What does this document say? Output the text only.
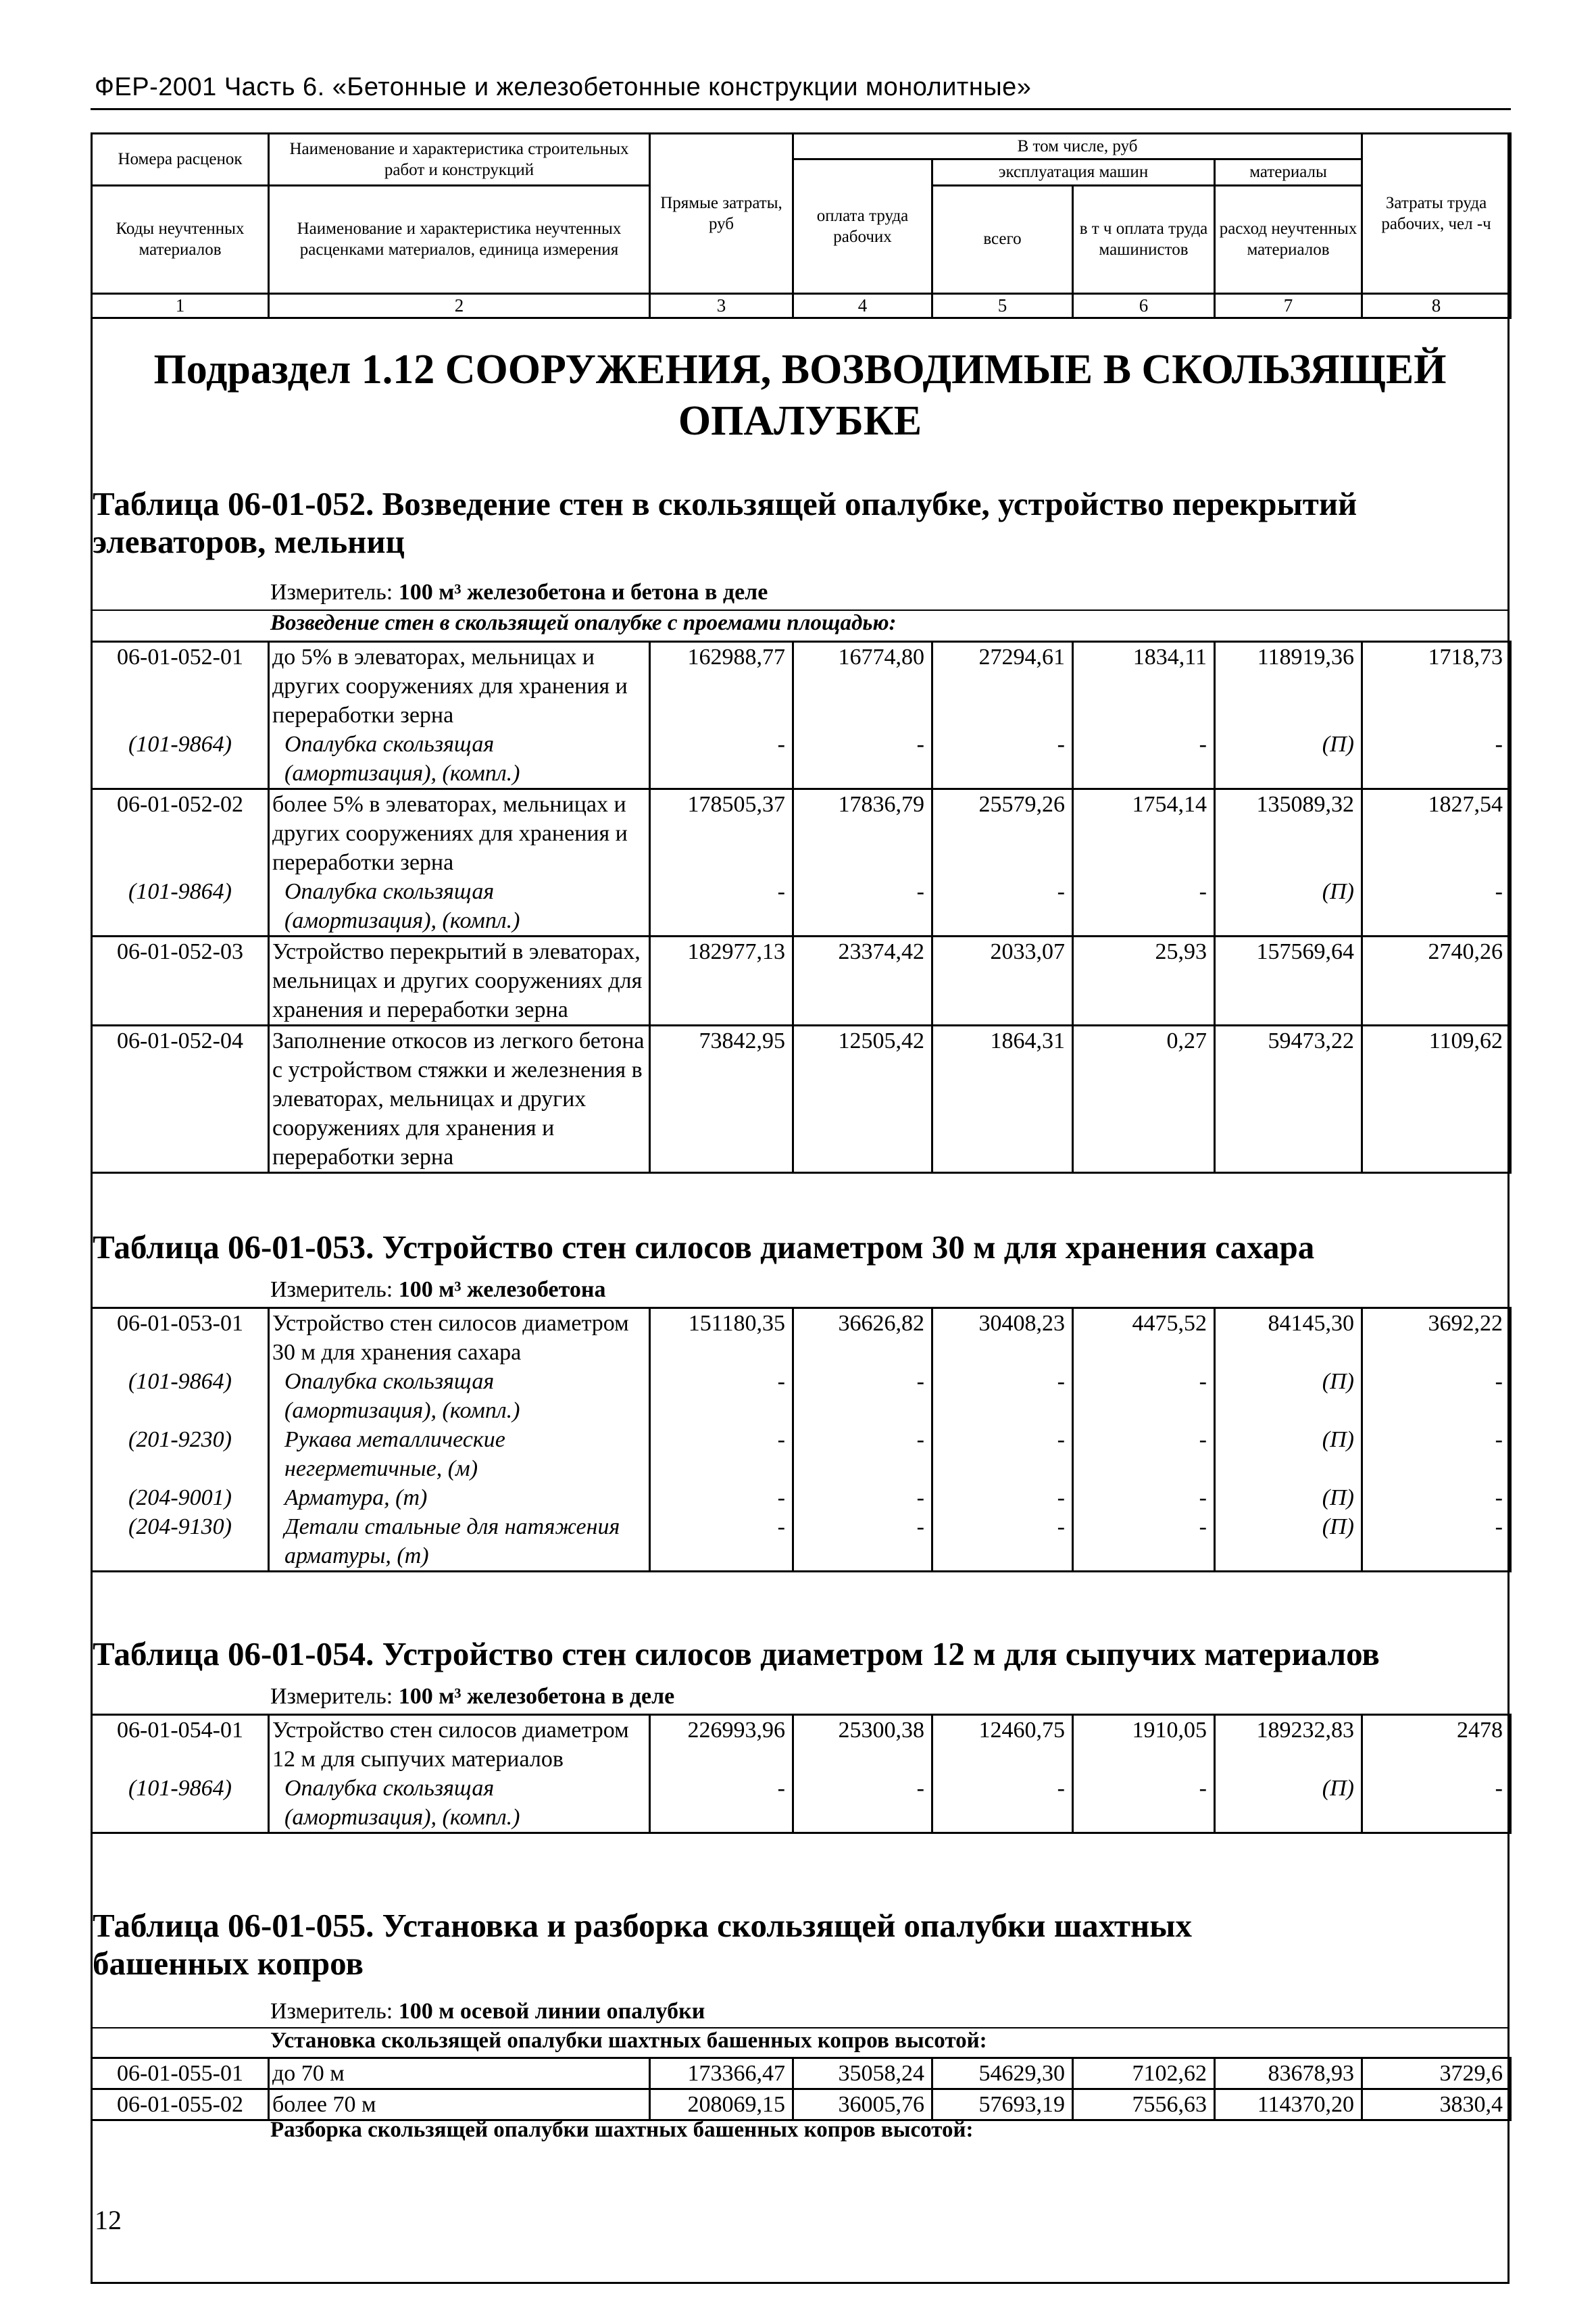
ФЕР-2001 Часть 6. «Бетонные и железобетонные конструкции монолитные»
Номера расценок	Наименование и характеристика строительных работ и конструкций	Прямые затраты, руб	В том числе, руб				Затраты труда рабочих, чел -ч
			оплата труда рабочих	эксплуатация машин		материалы	
Коды неучтенных материалов	Наименование и характеристика неучтенных расценками материалов, единица измерения			всего	в т ч оплата труда машинистов	расход неучтенных материалов	

1	2	3	4	5	6	7	8
Подраздел 1.12 СООРУЖЕНИЯ, ВОЗВОДИМЫЕ В СКОЛЬЗЯЩЕЙ ОПАЛУБКЕ
Таблица 06-01-052. Возведение стен в скользящей опалубке, устройство перекрытий элеваторов, мельниц
Измеритель: 100 м³ железобетона и бетона в деле
Возведение стен в скользящей опалубке с проемами площадью:
06-01-052-01	до 5% в элеваторах, мельницах и других сооружениях для хранения и переработки зерна	162988,77	16774,80	27294,61	1834,11	118919,36	1718,73
(101-9864)	Опалубка скользящая (амортизация), (компл.)	-	-	-	-	(П)	-
06-01-052-02	более 5% в элеваторах, мельницах и других сооружениях для хранения и переработки зерна	178505,37	17836,79	25579,26	1754,14	135089,32	1827,54
(101-9864)	Опалубка скользящая (амортизация), (компл.)	-	-	-	-	(П)	-
06-01-052-03	Устройство перекрытий в элеваторах, мельницах и других сооружениях для хранения и переработки зерна	182977,13	23374,42	2033,07	25,93	157569,64	2740,26
06-01-052-04	Заполнение откосов из легкого бетона с устройством стяжки и железнения в элеваторах, мельницах и других сооружениях для хранения и переработки зерна	73842,95	12505,42	1864,31	0,27	59473,22	1109,62
Таблица 06-01-053. Устройство стен силосов диаметром 30 м для хранения сахара
Измеритель: 100 м³ железобетона
06-01-053-01	Устройство стен силосов диаметром 30 м для хранения сахара	151180,35	36626,82	30408,23	4475,52	84145,30	3692,22
(101-9864)	Опалубка скользящая (амортизация), (компл.)	-	-	-	-	(П)	-
(201-9230)	Рукава металлические негерметичные, (м)	-	-	-	-	(П)	-
(204-9001)	Арматура, (т)	-	-	-	-	(П)	-
(204-9130)	Детали стальные для натяжения арматуры, (т)	-	-	-	-	(П)	-
Таблица 06-01-054. Устройство стен силосов диаметром 12 м для сыпучих материалов
Измеритель: 100 м³ железобетона в деле
06-01-054-01	Устройство стен силосов диаметром 12 м для сыпучих материалов	226993,96	25300,38	12460,75	1910,05	189232,83	2478
(101-9864)	Опалубка скользящая (амортизация), (компл.)	-	-	-	-	(П)	-
Таблица 06-01-055. Установка и разборка скользящей опалубки шахтных башенных копров
Измеритель: 100 м осевой линии опалубки
Установка скользящей опалубки шахтных башенных копров высотой:
06-01-055-01	до 70 м	173366,47	35058,24	54629,30	7102,62	83678,93	3729,6
06-01-055-02	более 70 м	208069,15	36005,76	57693,19	7556,63	114370,20	3830,4
Разборка скользящей опалубки шахтных башенных копров высотой:
12
